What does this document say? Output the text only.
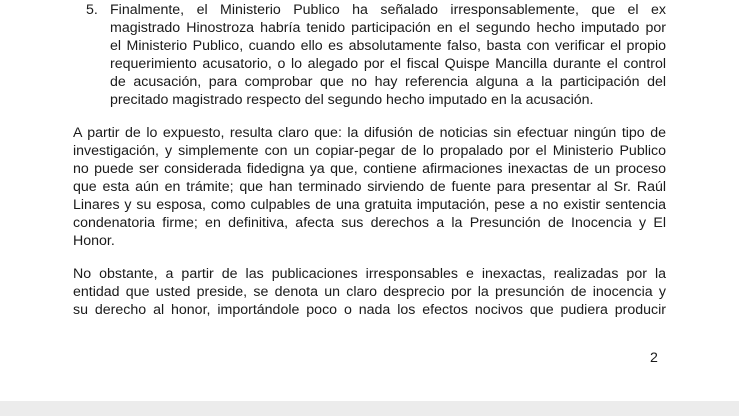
5. Finalmente, el Ministerio Publico ha señalado irresponsablemente, que el ex
magistrado Hinostroza habría tenido participación en el segundo hecho imputado por
el Ministerio Publico, cuando ello es absolutamente falso, basta con verificar el propio
requerimiento acusatorio, o lo alegado por el fiscal Quispe Mancilla durante el control
de acusación, para comprobar que no hay referencia alguna a la participación del
precitado magistrado respecto del segundo hecho imputado en la acusación.
A partir de lo expuesto, resulta claro que: la difusión de noticias sin efectuar ningún tipo de
investigación, y simplemente con un copiar-pegar de lo propalado por el Ministerio Publico
no puede ser considerada fidedigna ya que, contiene afirmaciones inexactas de un proceso
que esta aún en trámite; que han terminado sirviendo de fuente para presentar al Sr. Raúl
Linares y su esposa, como culpables de una gratuita imputación, pese a no existir sentencia
condenatoria firme; en definitiva, afecta sus derechos a la Presunción de Inocencia y El
Honor.
No obstante, a partir de las publicaciones irresponsables e inexactas, realizadas por la
entidad que usted preside, se denota un claro desprecio por la presunción de inocencia y
su derecho al honor, importándole poco o nada los efectos nocivos que pudiera producir
2
